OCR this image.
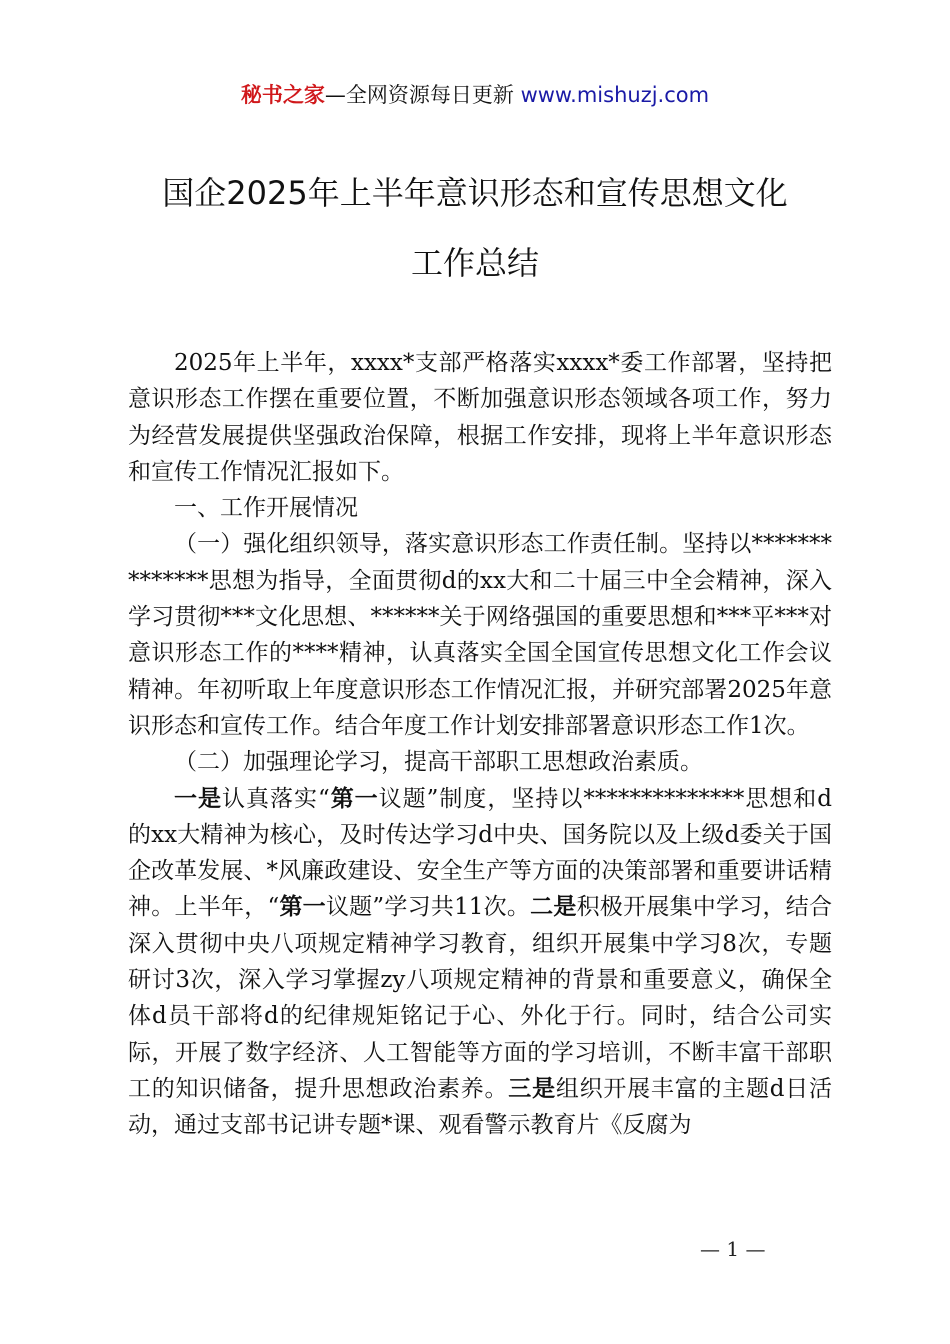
秘书之家—全网资源每日更新 www.mishuzj.com
国企2025年上半年意识形态和宣传思想文化
工作总结

2025年上半年，xxxx*支部严格落实xxxx*委工作部署，坚持把意识形态工作摆在重要位置，不断加强意识形态领域各项工作，努力为经营发展提供坚强政治保障，根据工作安排，现将上半年意识形态和宣传工作情况汇报如下。

一、工作开展情况

（一）强化组织领导，落实意识形态工作责任制。坚持以**************思想为指导，全面贯彻d的xx大和二十届三中全会精神，深入学习贯彻***文化思想、******关于网络强国的重要思想和***平***对意识形态工作的****精神，认真落实全国全国宣传思想文化工作会议精神。年初听取上年度意识形态工作情况汇报，并研究部署2025年意识形态和宣传工作。结合年度工作计划安排部署意识形态工作1次。

（二）加强理论学习，提高干部职工思想政治素质。

一是认真落实“第一议题”制度，坚持以**************思想和d的xx大精神为核心，及时传达学习d中央、国务院以及上级d委关于国企改革发展、*风廉政建设、安全生产等方面的决策部署和重要讲话精神。上半年，“第一议题”学习共11次。二是积极开展集中学习，结合深入贯彻中央八项规定精神学习教育，组织开展集中学习8次，专题研讨3次，深入学习掌握zy八项规定精神的背景和重要意义，确保全体d员干部将d的纪律规矩铭记于心、外化于行。同时，结合公司实际，开展了数字经济、人工智能等方面的学习培训，不断丰富干部职工的知识储备，提升思想政治素养。三是组织开展丰富的主题d日活动，通过支部书记讲专题*课、观看警示教育片《反腐为

— 1 —
